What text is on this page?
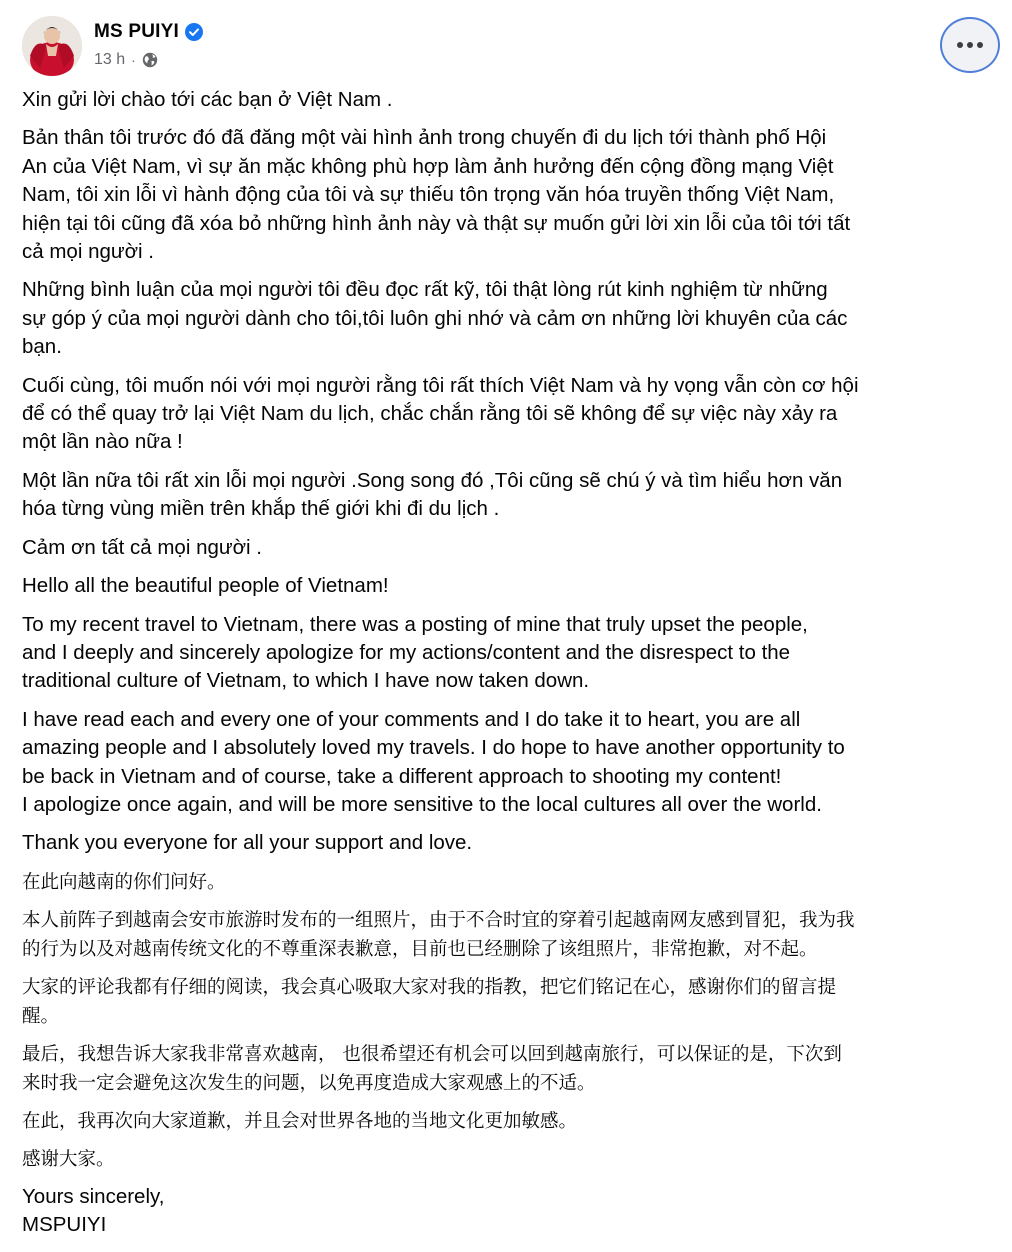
MS PUIYI
13 h ·

Xin gửi lời chào tới các bạn ở Việt Nam .

Bản thân tôi trước đó đã đăng một vài hình ảnh trong chuyến đi du lịch tới thành phố Hội
An của Việt Nam, vì sự ăn mặc không phù hợp làm ảnh hưởng đến cộng đồng mạng Việt
Nam, tôi xin lỗi vì hành động của tôi và sự thiếu tôn trọng văn hóa truyền thống Việt Nam,
hiện tại tôi cũng đã xóa bỏ những hình ảnh này và thật sự muốn gửi lời xin lỗi của tôi tới tất
cả mọi người .

Những bình luận của mọi người tôi đều đọc rất kỹ, tôi thật lòng rút kinh nghiệm từ những
sự góp ý của mọi người dành cho tôi,tôi luôn ghi nhớ và cảm ơn những lời khuyên của các
bạn.

Cuối cùng, tôi muốn nói với mọi người rằng tôi rất thích Việt Nam và hy vọng vẫn còn cơ hội
để có thể quay trở lại Việt Nam du lịch, chắc chắn rằng tôi sẽ không để sự việc này xảy ra
một lần nào nữa !

Một lần nữa tôi rất xin lỗi mọi người .Song song đó ,Tôi cũng sẽ chú ý và tìm hiểu hơn văn
hóa từng vùng miền trên khắp thế giới khi đi du lịch .

Cảm ơn tất cả mọi người .

Hello all the beautiful people of Vietnam!

To my recent travel to Vietnam, there was a posting of mine that truly upset the people,
and I deeply and sincerely apologize for my actions/content and the disrespect to the
traditional culture of Vietnam, to which I have now taken down.

I have read each and every one of your comments and I do take it to heart, you are all
amazing people and I absolutely loved my travels. I do hope to have another opportunity to
be back in Vietnam and of course, take a different approach to shooting my content!
I apologize once again, and will be more sensitive to the local cultures all over the world.

Thank you everyone for all your support and love.

在此向越南的你们问好。

本人前阵子到越南会安市旅游时发布的一组照片，由于不合时宜的穿着引起越南网友感到冒犯，我为我
的行为以及对越南传统文化的不尊重深表歉意，目前也已经删除了该组照片，非常抱歉，对不起。

大家的评论我都有仔细的阅读，我会真心吸取大家对我的指教，把它们铭记在心，感谢你们的留言提
醒。

最后，我想告诉大家我非常喜欢越南， 也很希望还有机会可以回到越南旅行，可以保证的是，下次到
来时我一定会避免这次发生的问题，以免再度造成大家观感上的不适。

在此，我再次向大家道歉，并且会对世界各地的当地文化更加敏感。

感谢大家。

Yours sincerely,
MSPUIYI
